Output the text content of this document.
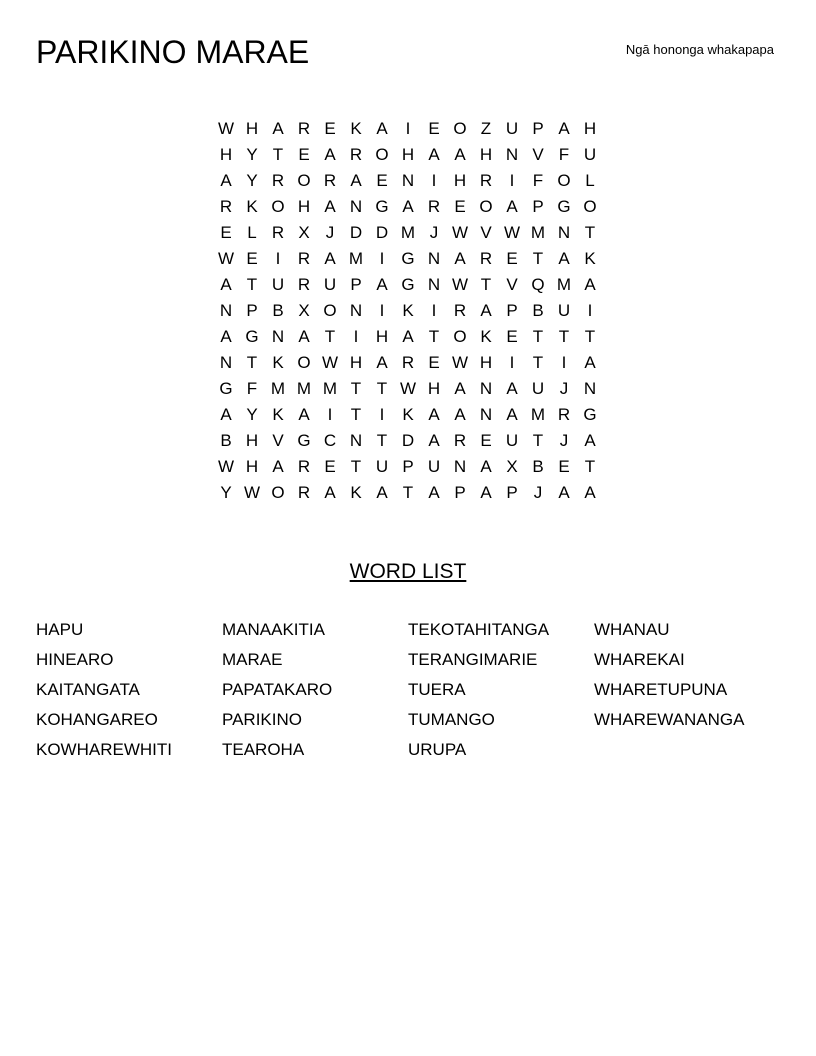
PARIKINO MARAE	Ngā hononga whakapapa
W	H	A	R	E	K	A	I	E	O	Z	U	P	A	H
H	Y	T	E	A	R	O	H	A	A	H	N	V	F	U
A	Y	R	O	R	A	E	N	I	H	R	I	F	O	L
R	K	O	H	A	N	G	A	R	E	O	A	P	G	O
E	L	R	X	J	D	D	M	J	W	V	W	M	N	T
W	E	I	R	A	M	I	G	N	A	R	E	T	A	K
A	T	U	R	U	P	A	G	N	W	T	V	Q	M	A
N	P	B	X	O	N	I	K	I	R	A	P	B	U	I
A	G	N	A	T	I	H	A	T	O	K	E	T	T	T
N	T	K	O	W	H	A	R	E	W	H	I	T	I	A
G	F	M	M	M	T	T	W	H	A	N	A	U	J	N
A	Y	K	A	I	T	I	K	A	A	N	A	M	R	G
B	H	V	G	C	N	T	D	A	R	E	U	T	J	A
W	H	A	R	E	T	U	P	U	N	A	X	B	E	T
Y	W	O	R	A	K	A	T	A	P	A	P	J	A	A
WORD LIST
HAPU
HINEARO
KAITANGATA
KOHANGAREO
KOWHAREWHITI
MANAAKITIA
MARAE
PAPATAKARO
PARIKINO
TEAROHA
TEKOTAHITANGA
TERANGIMARIE
TUERA
TUMANGO
URUPA
WHANAU
WHAREKAI
WHARETUPUNA
WHAREWANANGA
